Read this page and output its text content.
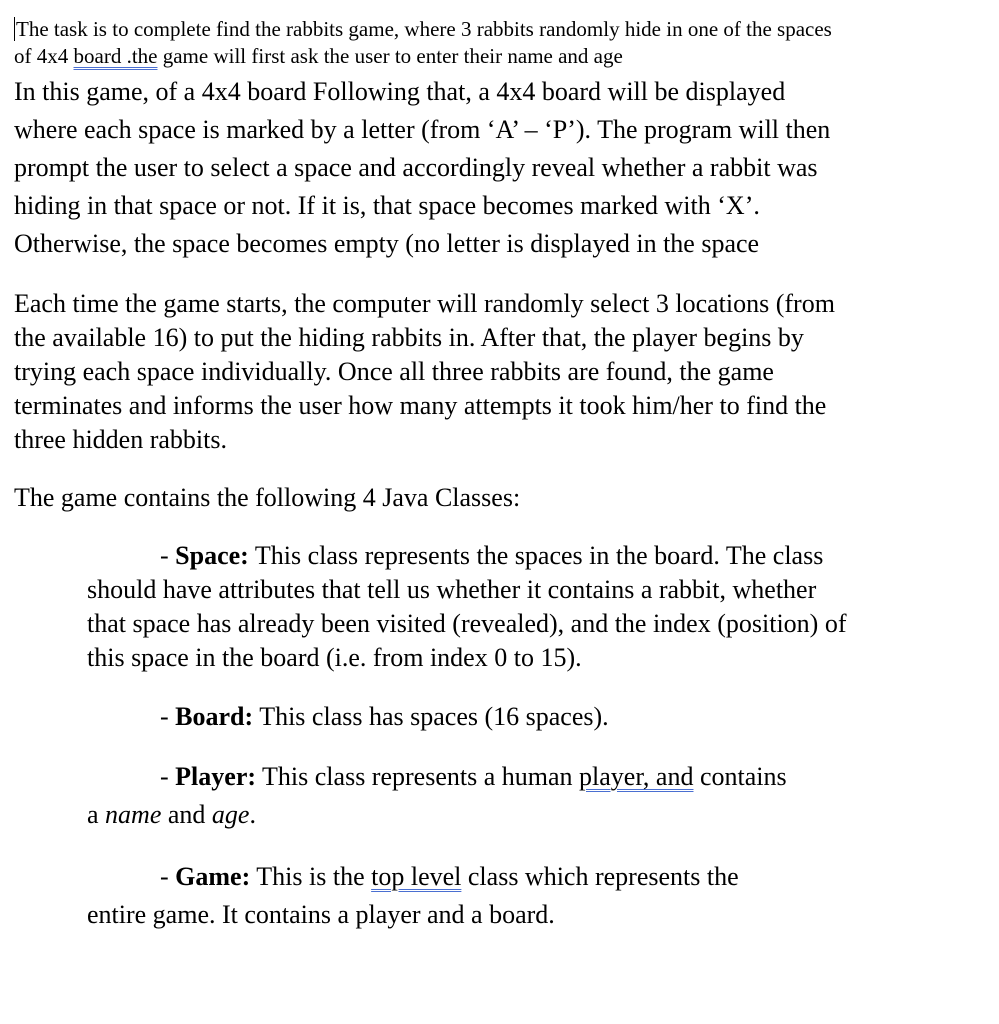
The task is to complete find the rabbits game, where 3 rabbits randomly hide in one of the spaces
of 4x4 board .the game will first ask the user to enter their name and age
In this game, of a 4x4 board Following that, a 4x4 board will be displayed
where each space is marked by a letter (from ‘A’ – ‘P’). The program will then
prompt the user to select a space and accordingly reveal whether a rabbit was
hiding in that space or not. If it is, that space becomes marked with ‘X’.
Otherwise, the space becomes empty (no letter is displayed in the space
Each time the game starts, the computer will randomly select 3 locations (from
the available 16) to put the hiding rabbits in. After that, the player begins by
trying each space individually. Once all three rabbits are found, the game
terminates and informs the user how many attempts it took him/her to find the
three hidden rabbits.
The game contains the following 4 Java Classes:
- Space: This class represents the spaces in the board. The class
should have attributes that tell us whether it contains a rabbit, whether
that space has already been visited (revealed), and the index (position) of
this space in the board (i.e. from index 0 to 15).
- Board: This class has spaces (16 spaces).
- Player: This class represents a human player, and contains
a name and age.
- Game: This is the top level class which represents the
entire game. It contains a player and a board.
